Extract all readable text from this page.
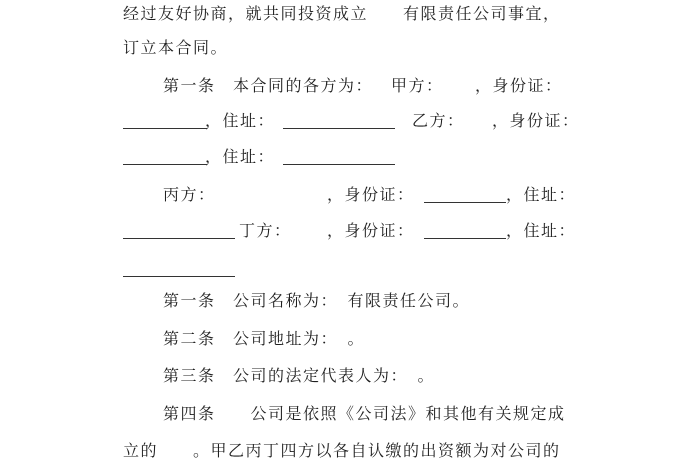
经过友好协商，就共同投资成立　　有限责任公司事宜，
订立本合同。
第一条　本合同的各方为： 甲方： ，身份证：
，住址：	乙方： ，身份证：
，住址：
丙方：	，身份证：	，住址：
丁方： ，身份证：	，住址：
第一条　公司名称为：　有限责任公司。
第二条　公司地址为：　。
第三条　公司的法定代表人为：　。
第四条　　公司是依照《公司法》和其他有关规定成
立的　　。甲乙丙丁四方以各自认缴的出资额为对公司的
